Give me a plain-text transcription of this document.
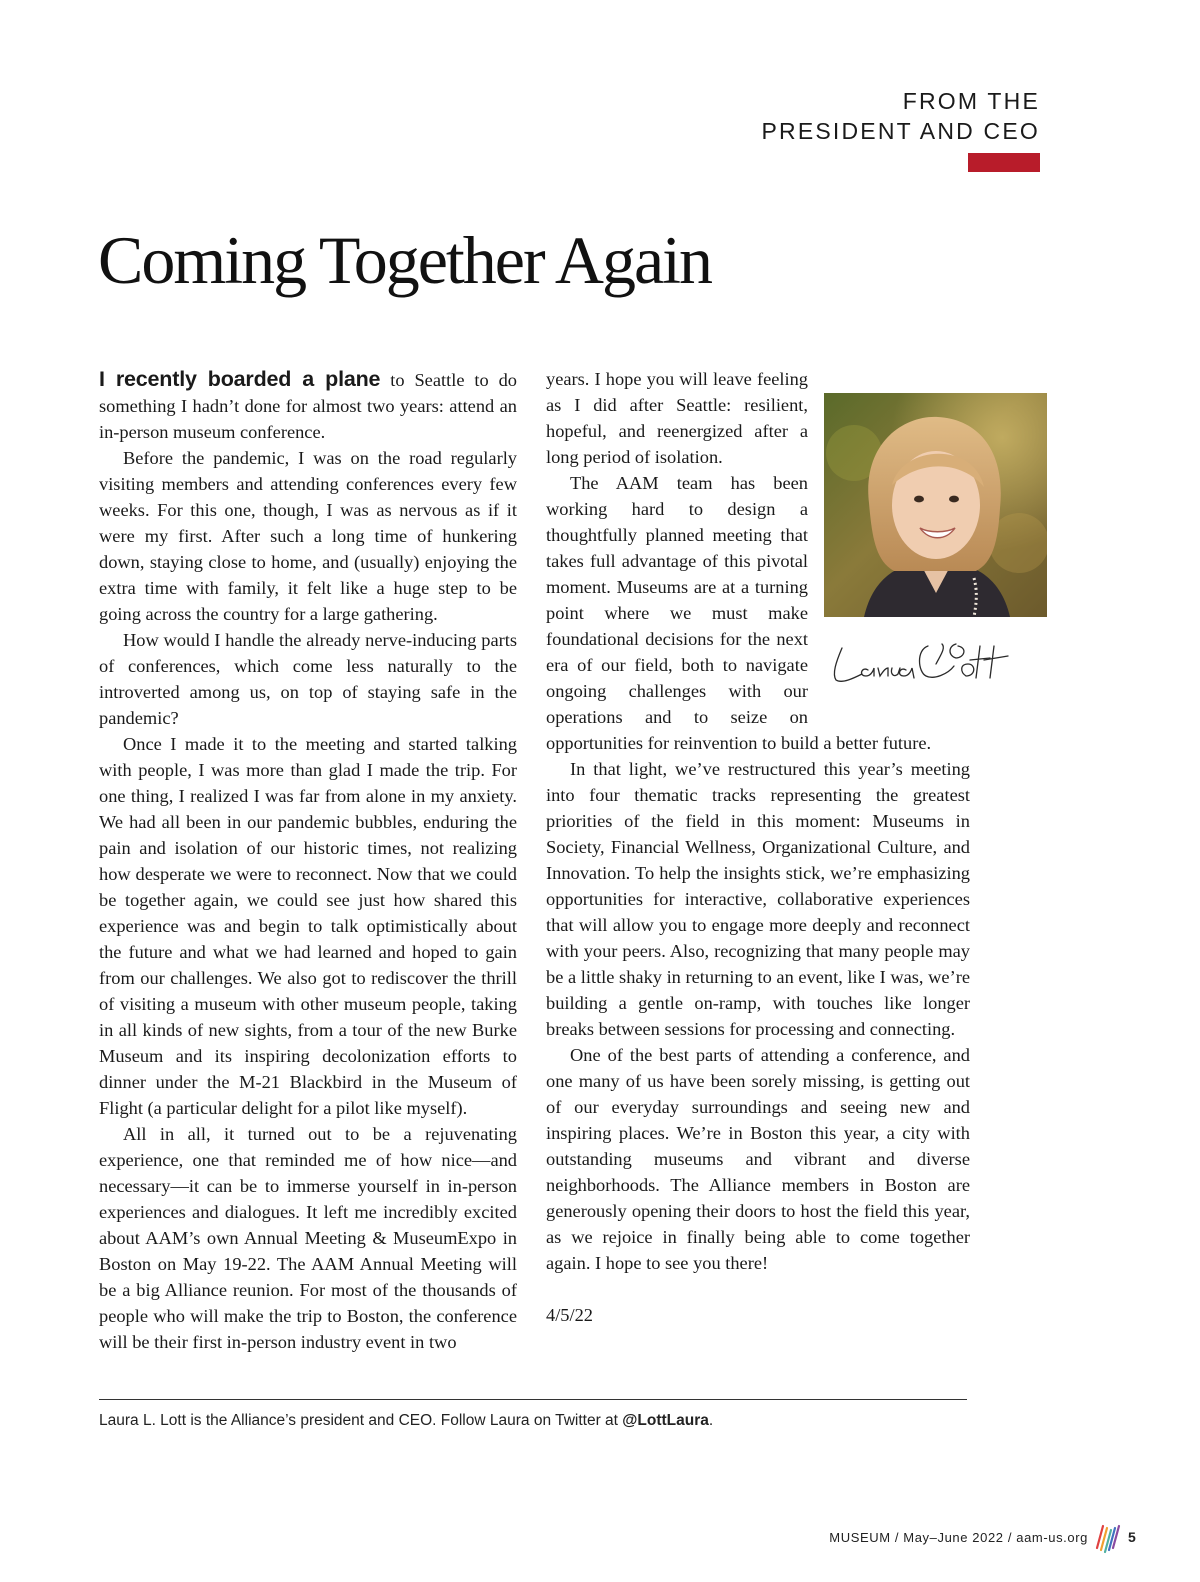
FROM THE
PRESIDENT AND CEO
Coming Together Again

I recently boarded a plane to Seattle to do something I hadn’t done for almost two years: attend an in-person museum conference.

Before the pandemic, I was on the road regularly visiting members and attending conferences every few weeks. For this one, though, I was as nervous as if it were my first. After such a long time of hunkering down, staying close to home, and (usually) enjoying the extra time with family, it felt like a huge step to be going across the country for a large gathering.

How would I handle the already nerve-inducing parts of conferences, which come less naturally to the introverted among us, on top of staying safe in the pandemic?

Once I made it to the meeting and started talking with people, I was more than glad I made the trip. For one thing, I realized I was far from alone in my anxiety. We had all been in our pandemic bubbles, enduring the pain and isolation of our historic times, not realizing how desperate we were to reconnect. Now that we could be together again, we could see just how shared this experience was and begin to talk optimistically about the future and what we had learned and hoped to gain from our challenges. We also got to rediscover the thrill of visiting a museum with other museum people, taking in all kinds of new sights, from a tour of the new Burke Museum and its inspiring decolonization efforts to dinner under the M-21 Blackbird in the Museum of Flight (a particular delight for a pilot like myself).

All in all, it turned out to be a rejuvenating experience, one that reminded me of how nice—and necessary—it can be to immerse yourself in in-person experiences and dialogues. It left me incredibly excited about AAM’s own Annual Meeting & MuseumExpo in Boston on May 19-22. The AAM Annual Meeting will be a big Alliance reunion. For most of the thousands of people who will make the trip to Boston, the conference will be their first in-person industry event in two

years. I hope you will leave feeling as I did after Seattle: resilient, hopeful, and reenergized after a long period of isolation.

The AAM team has been working hard to design a thoughtfully planned meeting that takes full advantage of this pivotal moment. Museums are at a turning point where we must make foundational decisions for the next era of our field, both to navigate ongoing challenges with our operations and to seize on opportunities for reinvention to build a better future.

In that light, we’ve restructured this year’s meeting into four thematic tracks representing the greatest priorities of the field in this moment: Museums in Society, Financial Wellness, Organizational Culture, and Innovation. To help the insights stick, we’re emphasizing opportunities for interactive, collaborative experiences that will allow you to engage more deeply and reconnect with your peers. Also, recognizing that many people may be a little shaky in returning to an event, like I was, we’re building a gentle on-ramp, with touches like longer breaks between sessions for processing and connecting.

One of the best parts of attending a conference, and one many of us have been sorely missing, is getting out of our everyday surroundings and seeing new and inspiring places. We’re in Boston this year, a city with outstanding museums and vibrant and diverse neighborhoods. The Alliance members in Boston are generously opening their doors to host the field this year, as we rejoice in finally being able to come together again. I hope to see you there!

4/5/22

Laura L. Lott is the Alliance’s president and CEO. Follow Laura on Twitter at @LottLaura.
MUSEUM / May–June 2022 / aam-us.org	5
